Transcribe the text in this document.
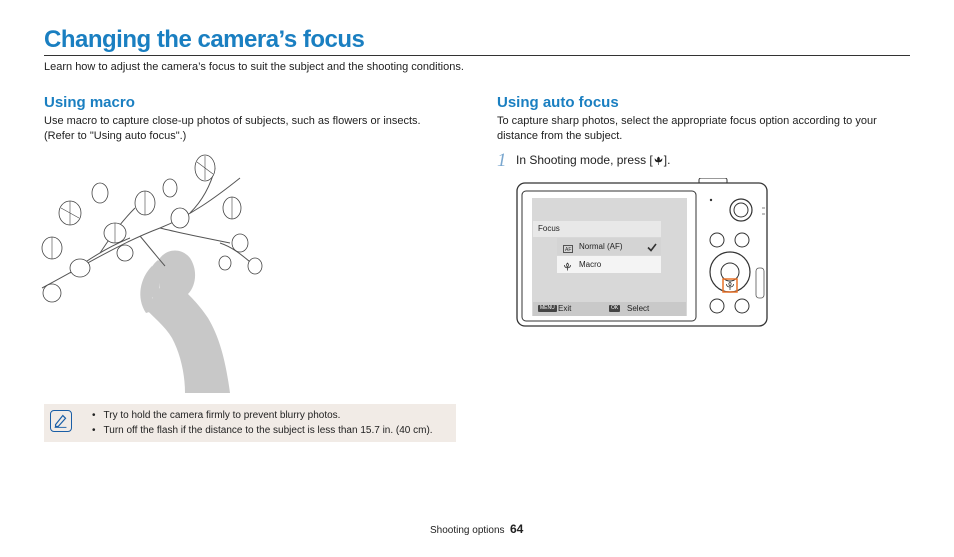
Changing the camera’s focus
Learn how to adjust the camera’s focus to suit the subject and the shooting conditions.
Using macro
Use macro to capture close-up photos of subjects, such as flowers or insects.
(Refer to "Using auto focus".)
• Try to hold the camera firmly to prevent blurry photos.
• Turn off the flash if the distance to the subject is less than 15.7 in. (40 cm).
Using auto focus
To capture sharp photos, select the appropriate focus option according to your
distance from the subject.
1 In Shooting mode, press [ ].
Focus
AF Normal (AF)
Macro
MENU Exit	OK Select
Shooting options 64
